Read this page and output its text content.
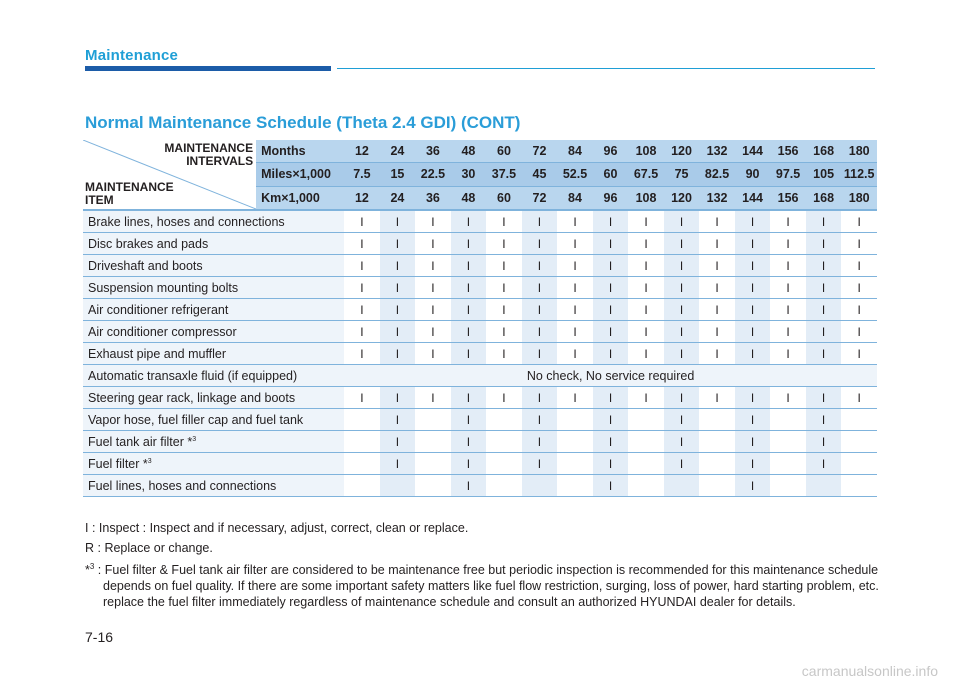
Maintenance
Normal Maintenance Schedule (Theta 2.4 GDI) (CONT)
MAINTENANCE
INTERVALS
MAINTENANCE
ITEM	Months	12	24	36	48	60	72	84	96	108	120	132	144	156	168	180
	Miles×1,000	7.5	15	22.5	30	37.5	45	52.5	60	67.5	75	82.5	90	97.5	105	112.5
	Km×1,000	12	24	36	48	60	72	84	96	108	120	132	144	156	168	180
Brake lines, hoses and connections		I	I	I	I	I	I	I	I	I	I	I	I	I	I	I
Disc brakes and pads		I	I	I	I	I	I	I	I	I	I	I	I	I	I	I
Driveshaft and boots		I	I	I	I	I	I	I	I	I	I	I	I	I	I	I
Suspension mounting bolts		I	I	I	I	I	I	I	I	I	I	I	I	I	I	I
Air conditioner refrigerant		I	I	I	I	I	I	I	I	I	I	I	I	I	I	I
Air conditioner compressor		I	I	I	I	I	I	I	I	I	I	I	I	I	I	I
Exhaust pipe and muffler		I	I	I	I	I	I	I	I	I	I	I	I	I	I	I
Automatic transaxle fluid (if equipped)		No check, No service required														
Steering gear rack, linkage and boots		I	I	I	I	I	I	I	I	I	I	I	I	I	I	I
Vapor hose, fuel filler cap and fuel tank			I		I		I		I		I		I		I	
Fuel tank air filter *$^3$			I		I		I		I		I		I		I	
Fuel filter *$^3$			I		I		I		I		I		I		I	
Fuel lines, hoses and connections					I				I				I			
I : Inspect : Inspect and if necessary, adjust, correct, clean or replace.
R : Replace or change.
*$^3$ : Fuel filter & Fuel tank air filter are considered to be maintenance free but periodic inspection is recommended for this maintenance schedule depends on fuel quality. If there are some important safety matters like fuel flow restriction, surging, loss of power, hard starting problem, etc. replace the fuel filter immediately regardless of maintenance schedule and consult an authorized HYUNDAI dealer for details.
7-16
carmanualsonline.info
